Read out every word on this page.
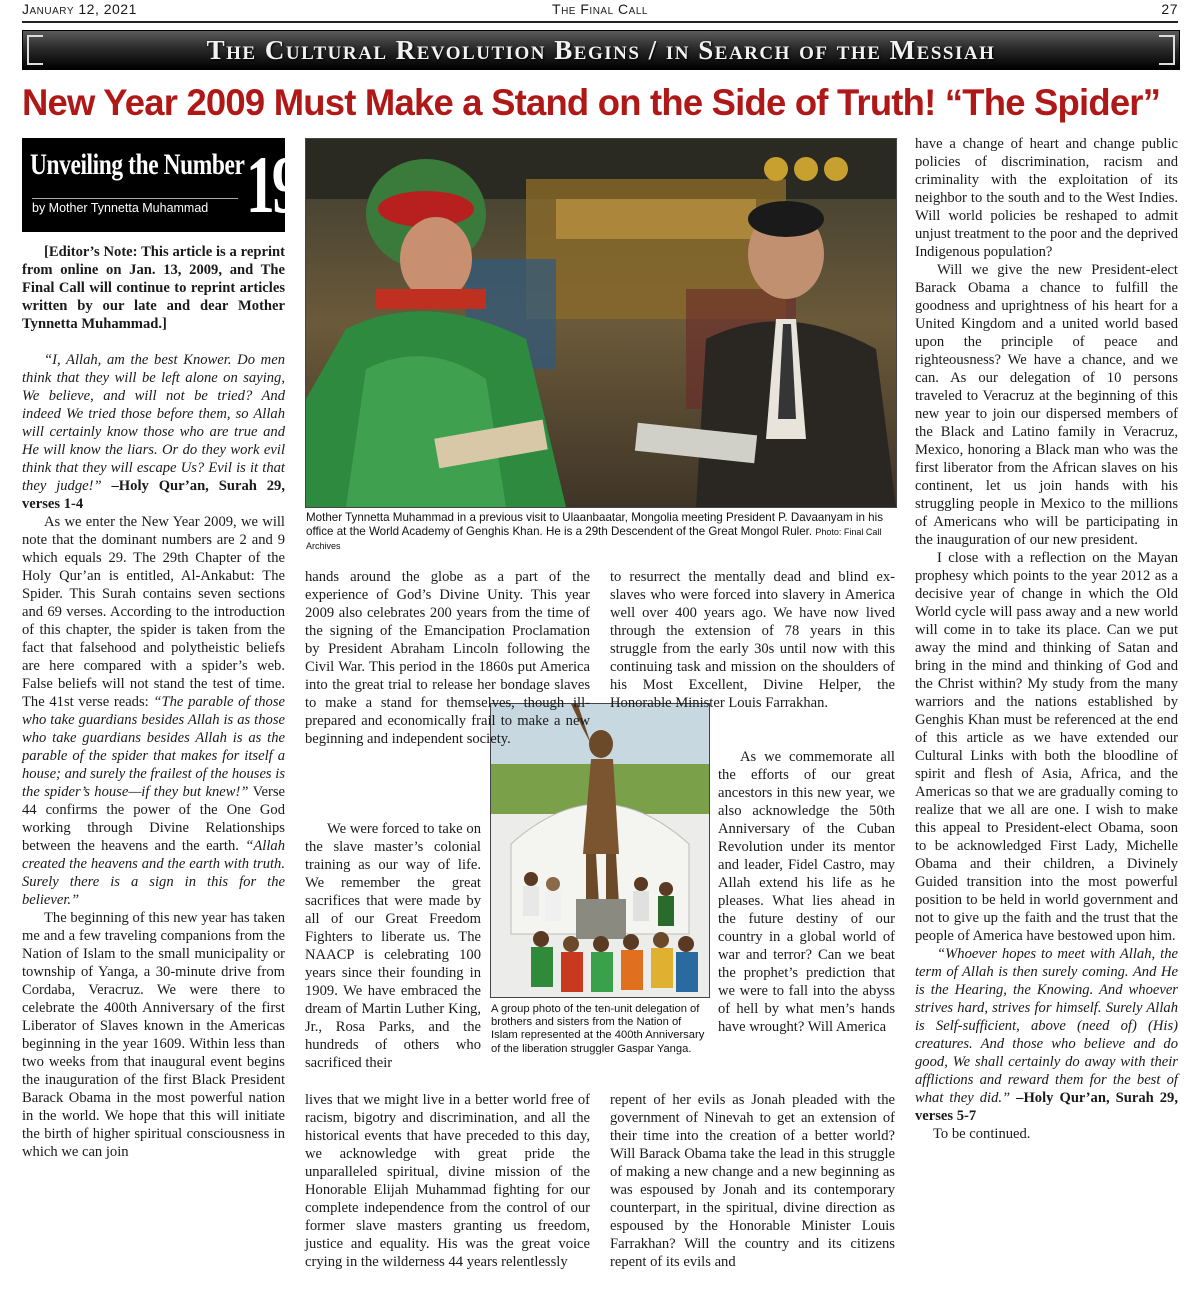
January 12, 2021	The Final Call	27
The Cultural Revolution Begins / in Search of the Messiah
New Year 2009 Must Make a Stand on the Side of Truth! “The Spider”
Unveiling the Number
by Mother Tynnetta Muhammad 19
Mother Tynnetta Muhammad in a previous visit to Ulaanbaatar, Mongolia meeting President P. Davaanyam in his office at the World Academy of Genghis Khan. He is a 29th Descendent of the Great Mongol Ruler. Photo: Final Call Archives
A group photo of the ten-unit delegation of brothers and sisters from the Nation of Islam represented at the 400th Anniversary of the liberation struggler Gaspar Yanga.

[Editor’s Note: This article is a reprint from online on Jan. 13, 2009, and The Final Call will continue to reprint articles written by our late and dear Mother Tynnetta Muhammad.]

“I, Allah, am the best Knower. Do men think that they will be left alone on saying, We believe, and will not be tried? And indeed We tried those before them, so Allah will certainly know those who are true and He will know the liars. Or do they work evil think that they will escape Us? Evil is it that they judge!” –Holy Qur’an, Surah 29, verses 1-4

As we enter the New Year 2009, we will note that the dominant numbers are 2 and 9 which equals 29. The 29th Chapter of the Holy Qur’an is entitled, Al-Ankabut: The Spider. This Surah contains seven sections and 69 verses. According to the introduction of this chapter, the spider is taken from the fact that falsehood and polytheistic beliefs are here compared with a spider’s web. False beliefs will not stand the test of time. The 41st verse reads: “The parable of those who take guardians besides Allah is as those who take guardians besides Allah is as the parable of the spider that makes for itself a house; and surely the frailest of the houses is the spider’s house—if they but knew!” Verse 44 confirms the power of the One God working through Divine Relationships between the heavens and the earth. “Allah created the heavens and the earth with truth. Surely there is a sign in this for the believer.”

The beginning of this new year has taken me and a few traveling companions from the Nation of Islam to the small municipality or township of Yanga, a 30-minute drive from Cordaba, Veracruz. We were there to celebrate the 400th Anniversary of the first Liberator of Slaves known in the Americas beginning in the year 1609. Within less than two weeks from that inaugural event begins the inauguration of the first Black President Barack Obama in the most powerful nation in the world. We hope that this will initiate the birth of higher spiritual consciousness in which we can join

hands around the globe as a part of the experience of God’s Divine Unity. This year 2009 also celebrates 200 years from the time of the signing of the Emancipation Proclamation by President Abraham Lincoln following the Civil War. This period in the 1860s put America into the great trial to release her bondage slaves to make a stand for themselves, though ill-prepared and economically frail to make a new beginning and independent society.

We were forced to take on the slave master’s colonial training as our way of life. We remember the great sacrifices that were made by all of our Great Freedom Fighters to liberate us. The NAACP is celebrating 100 years since their founding in 1909. We have embraced the dream of Martin Luther King, Jr., Rosa Parks, and the hundreds of others who sacrificed their

lives that we might live in a better world free of racism, bigotry and discrimination, and all the historical events that have preceded to this day, we acknowledge with great pride the unparalleled spiritual, divine mission of the Honorable Elijah Muhammad fighting for our complete independence from the control of our former slave masters granting us freedom, justice and equality. His was the great voice crying in the wilderness 44 years relentlessly

to resurrect the mentally dead and blind ex-slaves who were forced into slavery in America well over 400 years ago. We have now lived through the extension of 78 years in this struggle from the early 30s until now with this continuing task and mission on the shoulders of his Most Excellent, Divine Helper, the Honorable Minister Louis Farrakhan.

As we commemorate all the efforts of our great ancestors in this new year, we also acknowledge the 50th Anniversary of the Cuban Revolution under its mentor and leader, Fidel Castro, may Allah extend his life as he pleases. What lies ahead in the future destiny of our country in a global world of war and terror? Can we beat the prophet’s prediction that we were to fall into the abyss of hell by what men’s hands have wrought? Will America

repent of her evils as Jonah pleaded with the government of Ninevah to get an extension of their time into the creation of a better world? Will Barack Obama take the lead in this struggle of making a new change and a new beginning as was espoused by Jonah and its contemporary counterpart, in the spiritual, divine direction as espoused by the Honorable Minister Louis Farrakhan? Will the country and its citizens repent of its evils and

have a change of heart and change public policies of discrimination, racism and criminality with the exploitation of its neighbor to the south and to the West Indies. Will world policies be reshaped to admit unjust treatment to the poor and the deprived Indigenous population?

Will we give the new President-elect Barack Obama a chance to fulfill the goodness and uprightness of his heart for a United Kingdom and a united world based upon the principle of peace and righteousness? We have a chance, and we can. As our delegation of 10 persons traveled to Veracruz at the beginning of this new year to join our dispersed members of the Black and Latino family in Veracruz, Mexico, honoring a Black man who was the first liberator from the African slaves on his continent, let us join hands with his struggling people in Mexico to the millions of Americans who will be participating in the inauguration of our new president.

I close with a reflection on the Mayan prophesy which points to the year 2012 as a decisive year of change in which the Old World cycle will pass away and a new world will come in to take its place. Can we put away the mind and thinking of Satan and bring in the mind and thinking of God and the Christ within? My study from the many warriors and the nations established by Genghis Khan must be referenced at the end of this article as we have extended our Cultural Links with both the bloodline of spirit and flesh of Asia, Africa, and the Americas so that we are gradually coming to realize that we all are one. I wish to make this appeal to President-elect Obama, soon to be acknowledged First Lady, Michelle Obama and their children, a Divinely Guided transition into the most powerful position to be held in world government and not to give up the faith and the trust that the people of America have bestowed upon him.

“Whoever hopes to meet with Allah, the term of Allah is then surely coming. And He is the Hearing, the Knowing. And whoever strives hard, strives for himself. Surely Allah is Self-sufficient, above (need of) (His) creatures. And those who believe and do good, We shall certainly do away with their afflictions and reward them for the best of what they did.” –Holy Qur’an, Surah 29, verses 5-7

To be continued.
